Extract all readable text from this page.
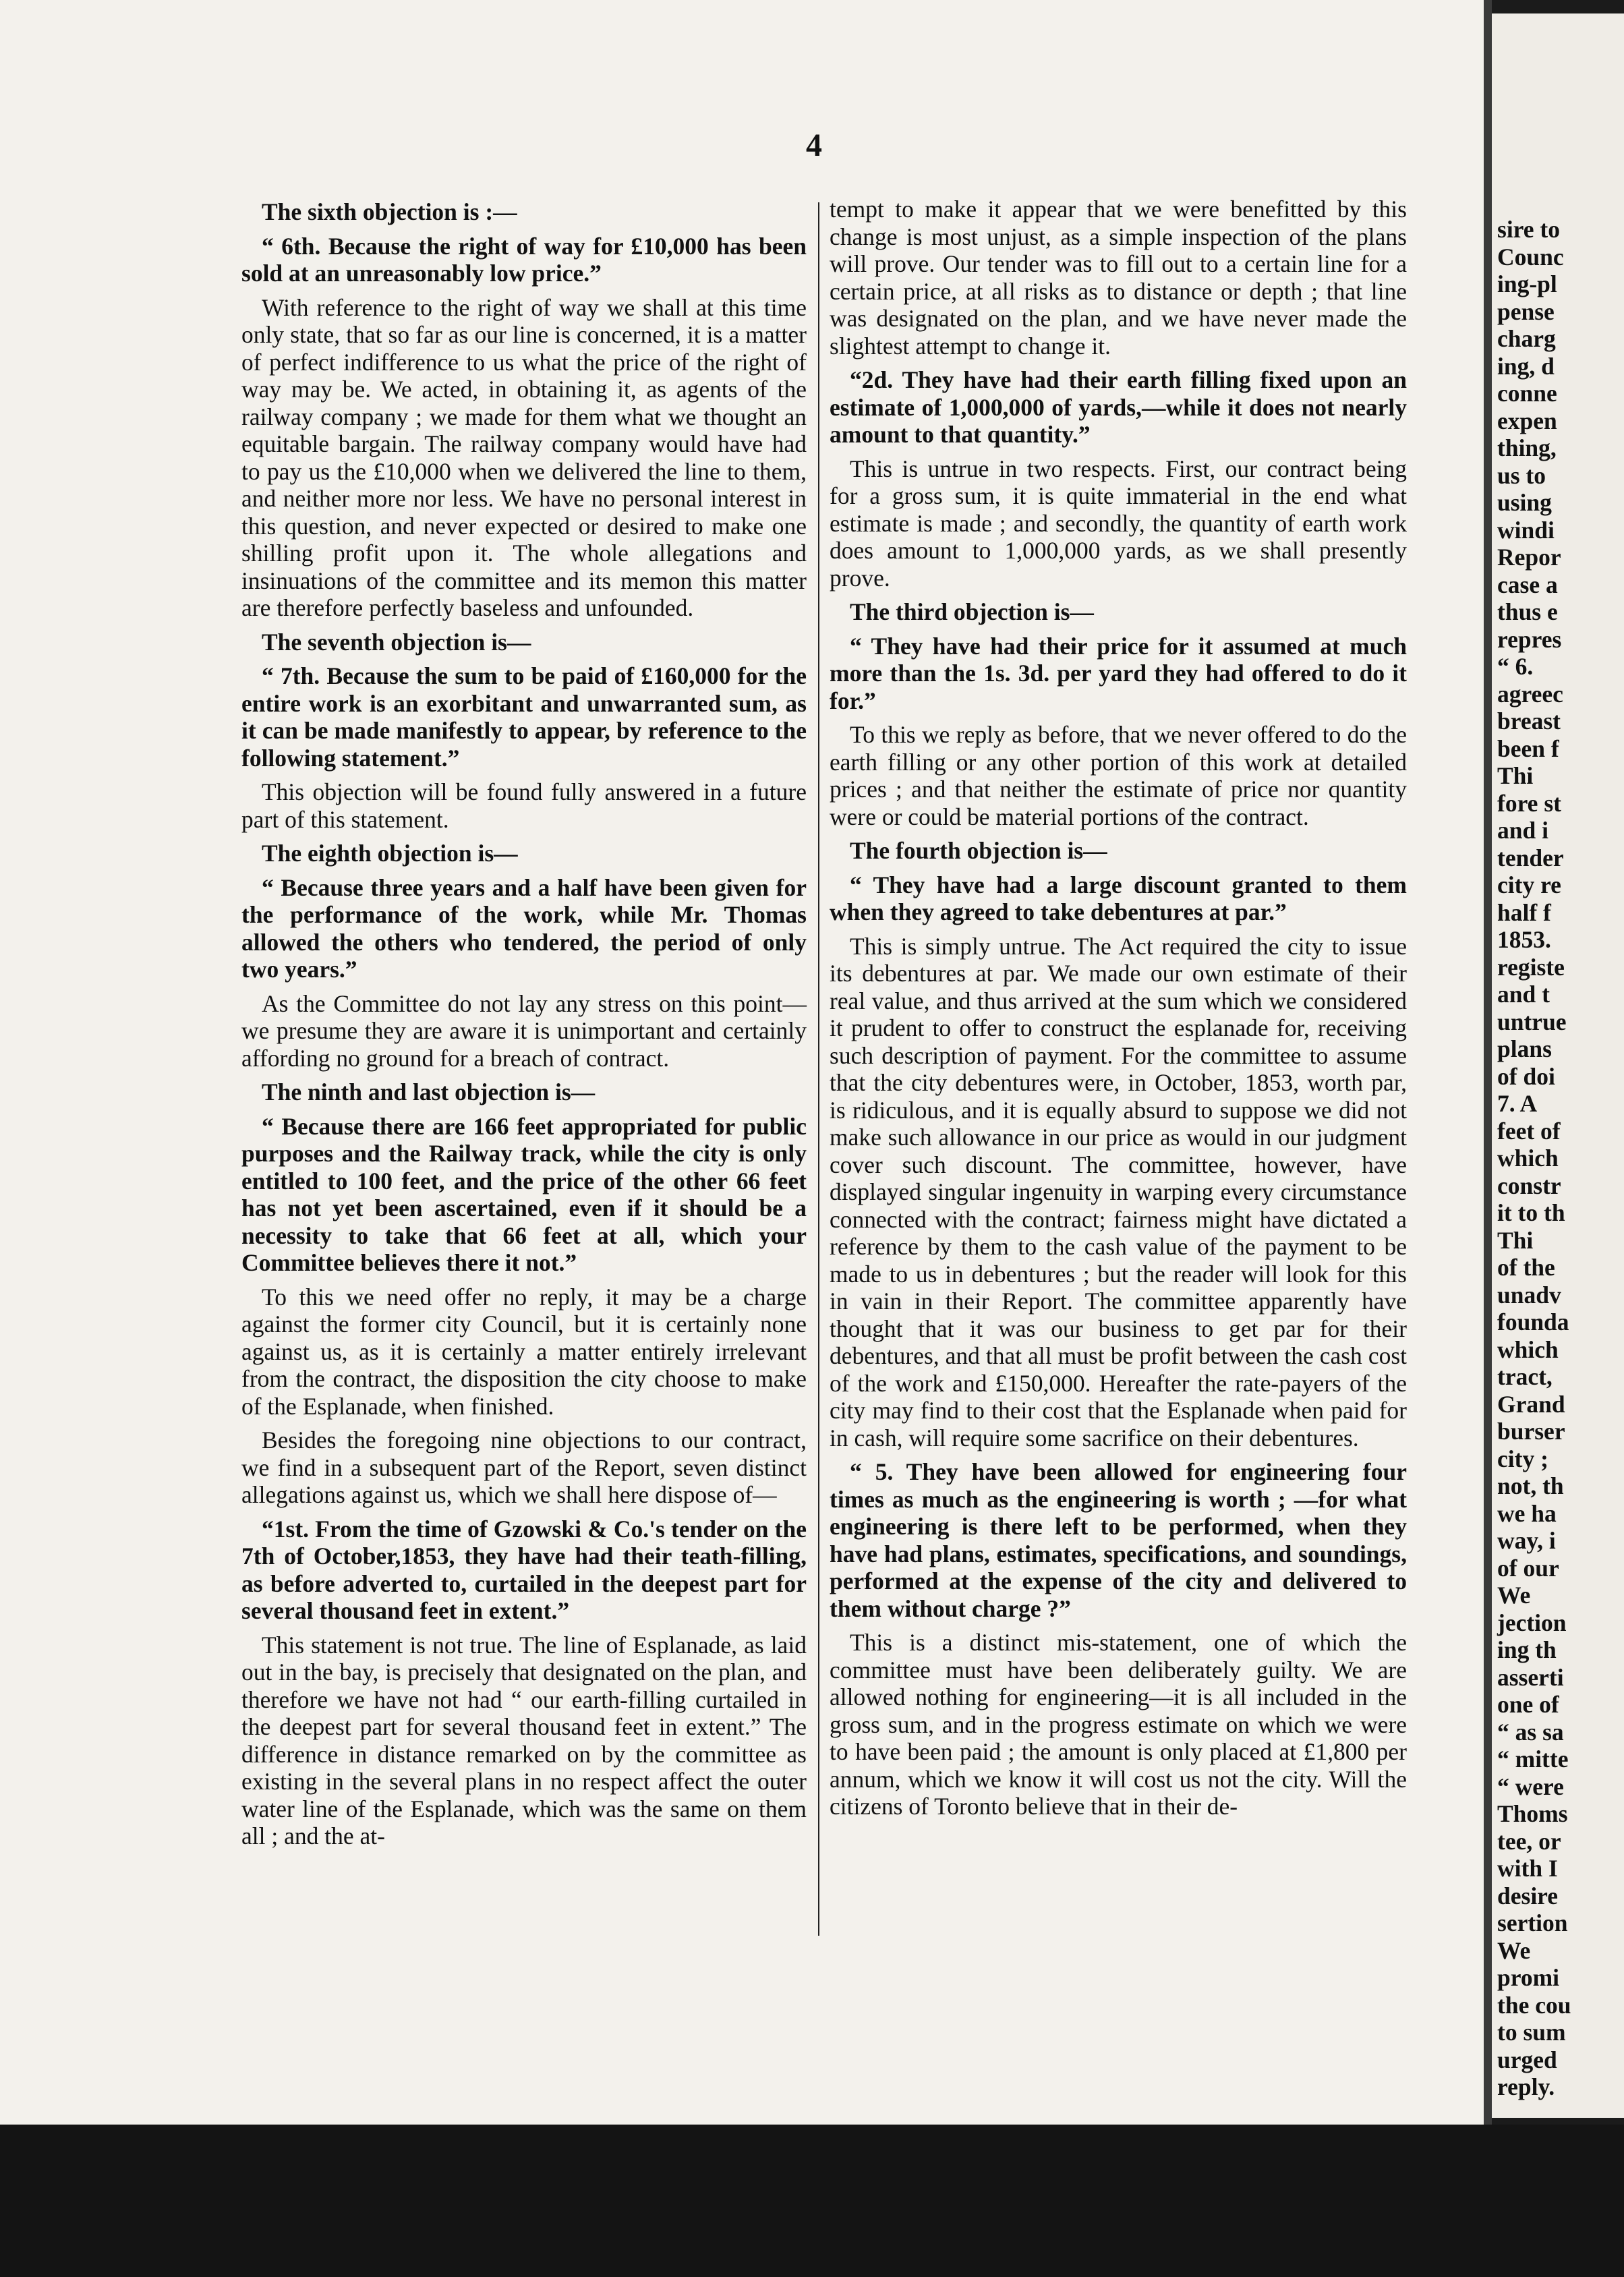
4

The sixth objection is :—

“ 6th. Because the right of way for £10,000 has been sold at an unreasonably low price.”

With reference to the right of way we shall at this time only state, that so far as our line is concerned, it is a matter of perfect indifference to us what the price of the right of way may be. We acted, in obtaining it, as agents of the railway company ; we made for them what we thought an equitable bargain. The railway company would have had to pay us the £10,000 when we delivered the line to them, and neither more nor less. We have no personal interest in this question, and never expected or desired to make one shilling profit upon it. The whole allegations and insinuations of the committee and its memon this matter are therefore perfectly baseless and unfounded.

The seventh objection is—

“ 7th. Because the sum to be paid of £160,000 for the entire work is an exorbitant and unwarranted sum, as it can be made manifestly to appear, by reference to the following statement.”

This objection will be found fully answered in a future part of this statement.

The eighth objection is—

“ Because three years and a half have been given for the performance of the work, while Mr. Thomas allowed the others who tendered, the period of only two years.”

As the Committee do not lay any stress on this point—we presume they are aware it is unimportant and certainly affording no ground for a breach of contract.

The ninth and last objection is—

“ Because there are 166 feet appropriated for public purposes and the Railway track, while the city is only entitled to 100 feet, and the price of the other 66 feet has not yet been ascertained, even if it should be a necessity to take that 66 feet at all, which your Committee believes there it not.”

To this we need offer no reply, it may be a charge against the former city Council, but it is certainly none against us, as it is certainly a matter entirely irrelevant from the contract, the disposition the city choose to make of the Esplanade, when finished.

Besides the foregoing nine objections to our contract, we find in a subsequent part of the Report, seven distinct allegations against us, which we shall here dispose of—

“1st. From the time of Gzowski & Co.'s tender on the 7th of October,1853, they have had their teath-filling, as before adverted to, curtailed in the deepest part for several thousand feet in extent.”

This statement is not true. The line of Esplanade, as laid out in the bay, is precisely that designated on the plan, and therefore we have not had “ our earth-filling curtailed in the deepest part for several thousand feet in extent.” The difference in distance remarked on by the committee as existing in the several plans in no respect affect the outer water line of the Esplanade, which was the same on them all ; and the at-

tempt to make it appear that we were benefitted by this change is most unjust, as a simple inspection of the plans will prove. Our tender was to fill out to a certain line for a certain price, at all risks as to distance or depth ; that line was designated on the plan, and we have never made the slightest attempt to change it.

“2d. They have had their earth filling fixed upon an estimate of 1,000,000 of yards,—while it does not nearly amount to that quantity.”

This is untrue in two respects. First, our contract being for a gross sum, it is quite immaterial in the end what estimate is made ; and secondly, the quantity of earth work does amount to 1,000,000 yards, as we shall presently prove.

The third objection is—

“ They have had their price for it assumed at much more than the 1s. 3d. per yard they had offered to do it for.”

To this we reply as before, that we never offered to do the earth filling or any other portion of this work at detailed prices ; and that neither the estimate of price nor quantity were or could be material portions of the contract.

The fourth objection is—

“ They have had a large discount granted to them when they agreed to take debentures at par.”

This is simply untrue. The Act required the city to issue its debentures at par. We made our own estimate of their real value, and thus arrived at the sum which we considered it prudent to offer to construct the esplanade for, receiving such description of payment. For the committee to assume that the city debentures were, in October, 1853, worth par, is ridiculous, and it is equally absurd to suppose we did not make such allowance in our price as would in our judgment cover such discount. The committee, however, have displayed singular ingenuity in warping every circumstance connected with the contract; fairness might have dictated a reference by them to the cash value of the payment to be made to us in debentures ; but the reader will look for this in vain in their Report. The committee apparently have thought that it was our business to get par for their debentures, and that all must be profit between the cash cost of the work and £150,000. Hereafter the rate-payers of the city may find to their cost that the Esplanade when paid for in cash, will require some sacrifice on their debentures.

“ 5. They have been allowed for engineering four times as much as the engineering is worth ; —for what engineering is there left to be performed, when they have had plans, estimates, specifications, and soundings, performed at the expense of the city and delivered to them without charge ?”

This is a distinct mis-statement, one of which the committee must have been deliberately guilty. We are allowed nothing for engineering—it is all included in the gross sum, and in the progress estimate on which we were to have been paid ; the amount is only placed at £1,800 per annum, which we know it will cost us not the city. Will the citizens of Toronto believe that in their de-

sire to
Counc
ing-pl
pense
charg
ing, d
conne
expen
thing,
us to
using
windi
Repor
case a
thus e
repres
“ 6.
agreec
breast
been f
Thi
fore st
and i
tender
city re
half f
1853.
registe
and t
untrue
plans
of doi
7. A
feet of
which
constr
it to th
Thi
of the
unadv
founda
which
tract,
Grand
burser
city ;
not, th
we ha
way, i
of our
We
jection
ing th
asserti
one of
“ as sa
“ mitte
“ were
Thoms
tee, or
with I
desire
sertion
We
promi
the cou
to sum
urged
reply.
